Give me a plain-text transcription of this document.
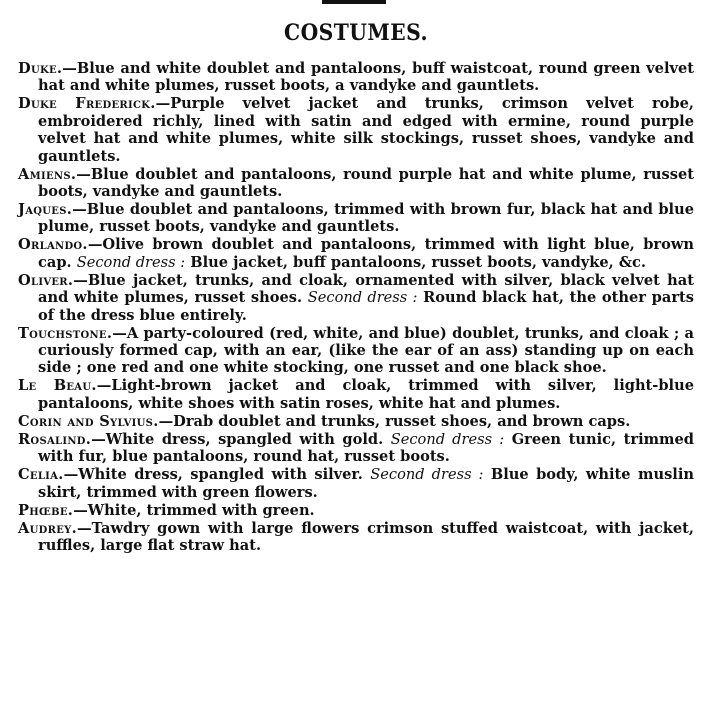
COSTUMES.

Duke.—Blue and white doublet and pantaloons, buff waistcoat, round green velvet hat and white plumes, russet boots, a vandyke and gauntlets.

Duke Frederick.—Purple velvet jacket and trunks, crimson velvet robe, embroidered richly, lined with satin and edged with ermine, round purple velvet hat and white plumes, white silk stockings, russet shoes, vandyke and gauntlets.

Amiens.—Blue doublet and pantaloons, round purple hat and white plume, russet boots, vandyke and gauntlets.

Jaques.—Blue doublet and pantaloons, trimmed with brown fur, black hat and blue plume, russet boots, vandyke and gauntlets.

Orlando.—Olive brown doublet and pantaloons, trimmed with light blue, brown cap. Second dress : Blue jacket, buff pantaloons, russet boots, vandyke, &c.

Oliver.—Blue jacket, trunks, and cloak, ornamented with silver, black velvet hat and white plumes, russet shoes. Second dress : Round black hat, the other parts of the dress blue entirely.

Touchstone.—A party-coloured (red, white, and blue) doublet, trunks, and cloak ; a curiously formed cap, with an ear, (like the ear of an ass) standing up on each side ; one red and one white stocking, one russet and one black shoe.

Le Beau.—Light-brown jacket and cloak, trimmed with silver, light-blue pantaloons, white shoes with satin roses, white hat and plumes.

Corin and Sylvius.—Drab doublet and trunks, russet shoes, and brown caps.

Rosalind.—White dress, spangled with gold. Second dress : Green tunic, trimmed with fur, blue pantaloons, round hat, russet boots.

Celia.—White dress, spangled with silver. Second dress : Blue body, white muslin skirt, trimmed with green flowers.

Phœbe.—White, trimmed with green.

Audrey.—Tawdry gown with large flowers crimson stuffed waistcoat, with jacket, ruffles, large flat straw hat.
